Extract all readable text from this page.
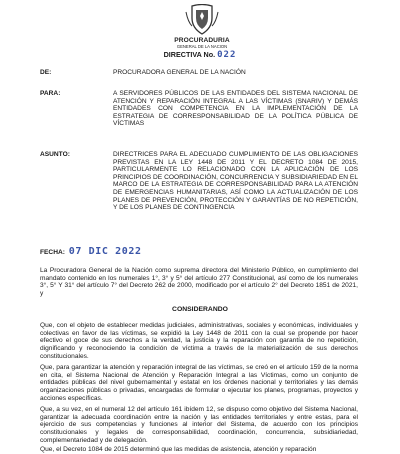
PROCURADURIA
GENERAL DE LA NACION
DIRECTIVA No. 022
DE:	PROCURADORA GENERAL DE LA NACIÓN
PARA:	A SERVIDORES PÚBLICOS DE LAS ENTIDADES DEL SISTEMA NACIONAL DE ATENCIÓN Y REPARACIÓN INTEGRAL A LAS VÍCTIMAS (SNARIV) Y DEMÁS ENTIDADES CON COMPETENCIA EN LA IMPLEMENTACIÓN DE LA ESTRATEGIA DE CORRESPONSABILIDAD DE LA POLÍTICA PÚBLICA DE VÍCTIMAS
ASUNTO:	DIRECTRICES PARA EL ADECUADO CUMPLIMIENTO DE LAS OBLIGACIONES PREVISTAS EN LA LEY 1448 DE 2011 Y EL DECRETO 1084 DE 2015, PARTICULARMENTE LO RELACIONADO CON LA APLICACIÓN DE LOS PRINCIPIOS DE COORDINACIÓN, CONCURRENCIA Y SUBSIDIARIEDAD EN EL MARCO DE LA ESTRATEGIA DE CORRESPONSABILIDAD PARA LA ATENCIÓN DE EMERGENCIAS HUMANITARIAS, ASÍ COMO LA ACTUALIZACIÓN DE LOS PLANES DE PREVENCIÓN, PROTECCIÓN Y GARANTÍAS DE NO REPETICIÓN, Y DE LOS PLANES DE CONTINGENCIA
FECHA: 07 DIC 2022
La Procuradora General de la Nación como suprema directora del Ministerio Público, en cumplimiento del mandato contenido en los numerales 1°, 3° y 5° del artículo 277 Constitucional, así como de los numerales 3°, 5° Y 31° del artículo 7° del Decreto 262 de 2000, modificado por el artículo 2° del Decreto 1851 de 2021, y
CONSIDERANDO
Que, con el objeto de establecer medidas judiciales, administrativas, sociales y económicas, individuales y colectivas en favor de las víctimas, se expidió la Ley 1448 de 2011 con la cual se propende por hacer efectivo el goce de sus derechos a la verdad, la justicia y la reparación con garantía de no repetición, dignificando y reconociendo la condición de víctima a través de la materialización de sus derechos constitucionales.
Que, para garantizar la atención y reparación integral de las víctimas, se creó en el artículo 159 de la norma en cita, el Sistema Nacional de Atención y Reparación Integral a las Víctimas, como un conjunto de entidades públicas del nivel gubernamental y estatal en los órdenes nacional y territoriales y las demás organizaciones públicas o privadas, encargadas de formular o ejecutar los planes, programas, proyectos y acciones específicas.
Que, a su vez, en el numeral 12 del artículo 161 ibídem 12, se dispuso como objetivo del Sistema Nacional, garantizar la adecuada coordinación entre la nación y las entidades territoriales y entre estas, para el ejercicio de sus competencias y funciones al interior del Sistema, de acuerdo con los principios constitucionales y legales de corresponsabilidad, coordinación, concurrencia, subsidiariedad, complementariedad y de delegación.
Que, el Decreto 1084 de 2015 determinó que las medidas de asistencia, atención y reparación
